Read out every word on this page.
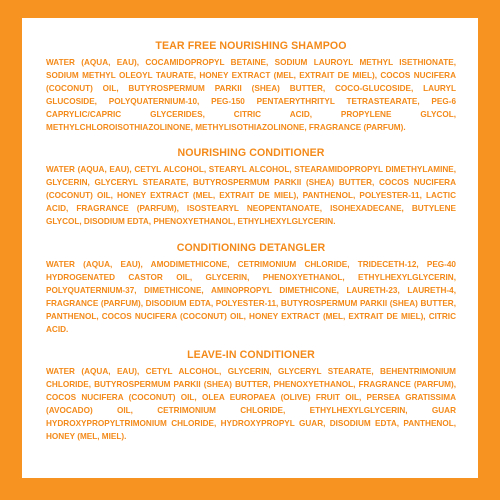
TEAR FREE NOURISHING SHAMPOO

WATER (AQUA, EAU), COCAMIDOPROPYL BETAINE, SODIUM LAUROYL METHYL ISETHIONATE, SODIUM METHYL OLEOYL TAURATE, HONEY EXTRACT (MEL, EXTRAIT DE MIEL), COCOS NUCIFERA (COCONUT) OIL, BUTYROSPERMUM PARKII (SHEA) BUTTER, COCO-GLUCOSIDE, LAURYL GLUCOSIDE, POLYQUATERNIUM-10, PEG-150 PENTAERYTHRITYL TETRASTEARATE, PEG-6 CAPRYLIC/CAPRIC GLYCERIDES, CITRIC ACID, PROPYLENE GLYCOL, METHYLCHLOROISOTHIAZOLINONE, METHYLISOTHIAZOLINONE, FRAGRANCE (PARFUM).

NOURISHING CONDITIONER

WATER (AQUA, EAU), CETYL ALCOHOL, STEARYL ALCOHOL, STEARAMIDOPROPYL DIMETHYLAMINE, GLYCERIN, GLYCERYL STEARATE, BUTYROSPERMUM PARKII (SHEA) BUTTER, COCOS NUCIFERA (COCONUT) OIL, HONEY EXTRACT (MEL, EXTRAIT DE MIEL), PANTHENOL, POLYESTER-11, LACTIC ACID, FRAGRANCE (PARFUM), ISOSTEARYL NEOPENTANOATE, ISOHEXADECANE, BUTYLENE GLYCOL, DISODIUM EDTA, PHENOXYETHANOL, ETHYLHEXYLGLYCERIN.

CONDITIONING DETANGLER

WATER (AQUA, EAU), AMODIMETHICONE, CETRIMONIUM CHLORIDE, TRIDECETH-12, PEG-40 HYDROGENATED CASTOR OIL, GLYCERIN, PHENOXYETHANOL, ETHYLHEXYLGLYCERIN, POLYQUATERNIUM-37, DIMETHICONE, AMINOPROPYL DIMETHICONE, LAURETH-23, LAURETH-4, FRAGRANCE (PARFUM), DISODIUM EDTA, POLYESTER-11, BUTYROSPERMUM PARKII (SHEA) BUTTER, PANTHENOL, COCOS NUCIFERA (COCONUT) OIL, HONEY EXTRACT (MEL, EXTRAIT DE MIEL), CITRIC ACID.

LEAVE-IN CONDITIONER

WATER (AQUA, EAU), CETYL ALCOHOL, GLYCERIN, GLYCERYL STEARATE, BEHENTRIMONIUM CHLORIDE, BUTYROSPERMUM PARKII (SHEA) BUTTER, PHENOXYETHANOL, FRAGRANCE (PARFUM), COCOS NUCIFERA (COCONUT) OIL, OLEA EUROPAEA (OLIVE) FRUIT OIL, PERSEA GRATISSIMA (AVOCADO) OIL, CETRIMONIUM CHLORIDE, ETHYLHEXYLGLYCERIN, GUAR HYDROXYPROPYLTRIMONIUM CHLORIDE, HYDROXYPROPYL GUAR, DISODIUM EDTA, PANTHENOL, HONEY (MEL, MIEL).
